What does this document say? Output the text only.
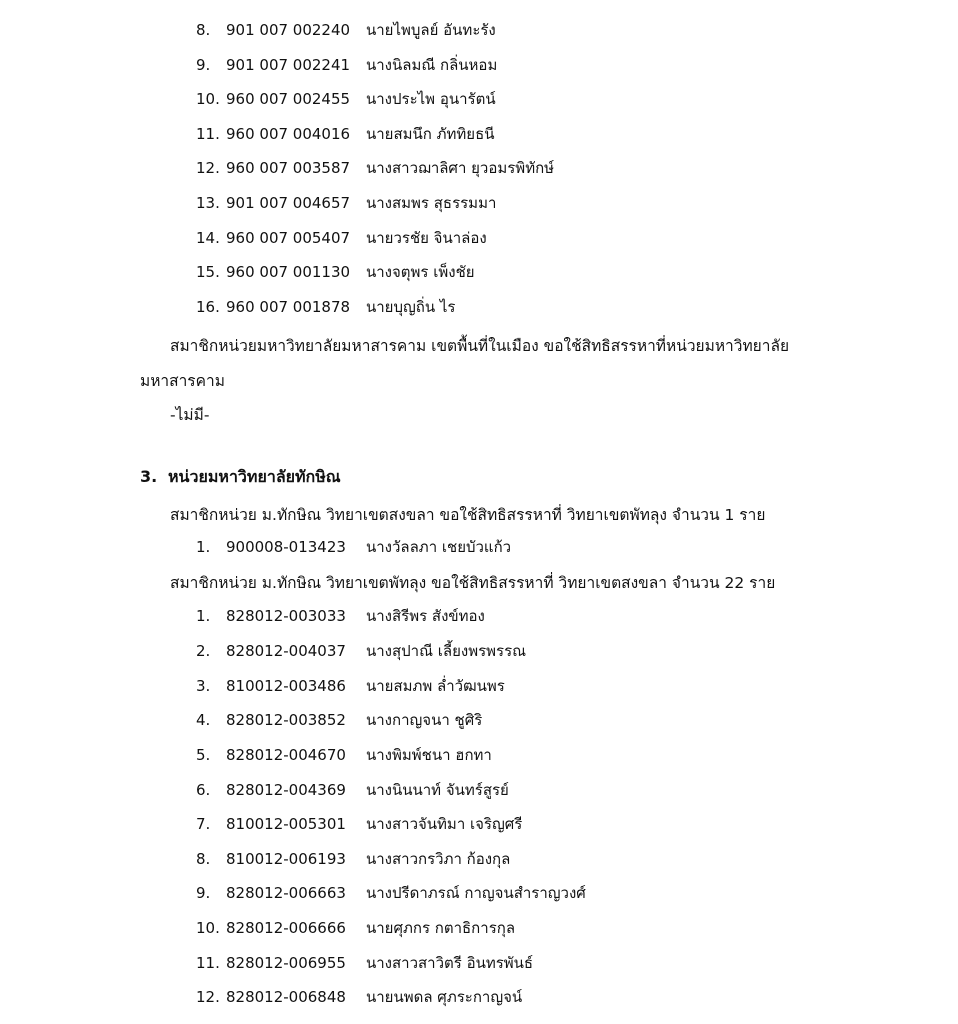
8. 901 007 002240 นายไพบูลย์ อันทะรัง
9. 901 007 002241 นางนิลมณี กลิ่นหอม
10. 960 007 002455 นางประไพ อุนารัตน์
11. 960 007 004016 นายสมนึก ภัททิยธนี
12. 960 007 003587 นางสาวฌาลิศา ยุวอมรพิทักษ์
13. 901 007 004657 นางสมพร สุธรรมมา
14. 960 007 005407 นายวรชัย จินาล่อง
15. 960 007 001130 นางจตุพร เพ็งชัย
16. 960 007 001878 นายบุญถิ่น ไร
สมาชิกหน่วยมหาวิทยาลัยมหาสารคาม เขตพื้นที่ในเมือง ขอใช้สิทธิสรรหาที่หน่วยมหาวิทยาลัย
มหาสารคาม
-ไม่มี-
3. หน่วยมหาวิทยาลัยทักษิณ
สมาชิกหน่วย ม.ทักษิณ วิทยาเขตสงขลา ขอใช้สิทธิสรรหาที่ วิทยาเขตพัทลุง จำนวน 1 ราย
1. 900008-013423 นางวัลลภา เชยบัวแก้ว
สมาชิกหน่วย ม.ทักษิณ วิทยาเขตพัทลุง ขอใช้สิทธิสรรหาที่ วิทยาเขตสงขลา จำนวน 22 ราย
1. 828012-003033 นางสิรีพร สังข์ทอง
2. 828012-004037 นางสุปาณี เลี้ยงพรพรรณ
3. 810012-003486 นายสมภพ ล่ำวัฒนพร
4. 828012-003852 นางกาญจนา ชูศิริ
5. 828012-004670 นางพิมพ์ชนา ฮกทา
6. 828012-004369 นางนินนาท์ จันทร์สูรย์
7. 810012-005301 นางสาวจันทิมา เจริญศรี
8. 810012-006193 นางสาวกรวิภา ก้องกุล
9. 828012-006663 นางปรีดาภรณ์ กาญจนสำราญวงศ์
10. 828012-006666 นายศุภกร กตาธิการกุล
11. 828012-006955 นางสาวสาวิตรี อินทรพันธ์
12. 828012-006848 นายนพดล ศุภระกาญจน์
